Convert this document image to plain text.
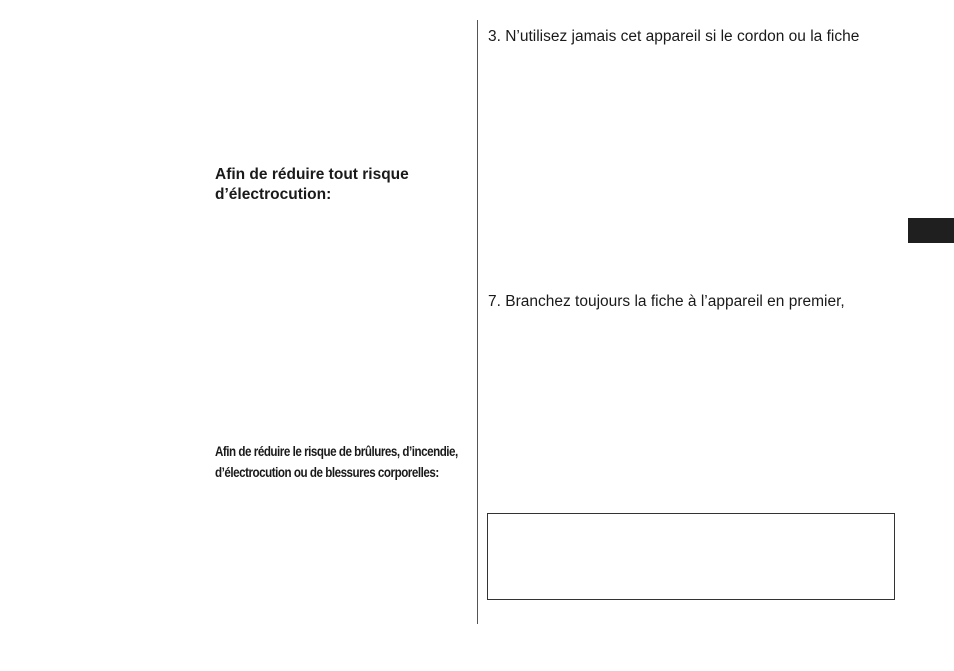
Afin de réduire tout risque
d’électrocution:
Afin de réduire le risque de brûlures, d’incendie,
d’électrocution ou de blessures corporelles:

3. N’utilisez jamais cet appareil si le cordon ou la fiche

7. Branchez toujours la fiche à l’appareil en premier,
